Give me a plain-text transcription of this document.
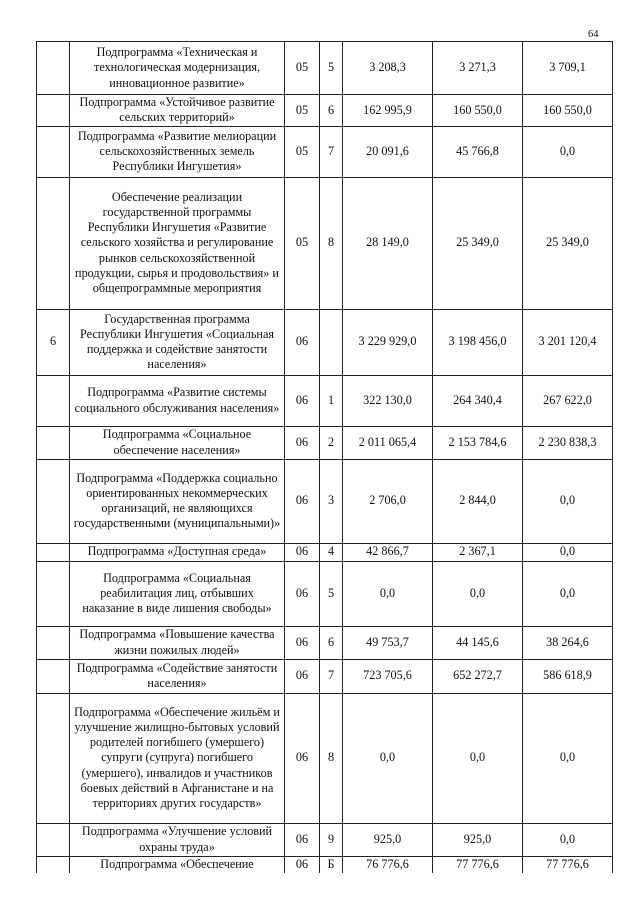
64
	Подпрограмма «Техническая и технологическая модернизация, инновационное развитие»	05	5	3 208,3	3 271,3	3 709,1
	Подпрограмма «Устойчивое развитие сельских территорий»	05	6	162 995,9	160 550,0	160 550,0
	Подпрограмма «Развитие мелиорации сельскохозяйственных земель Республики Ингушетия»	05	7	20 091,6	45 766,8	0,0
	Обеспечение реализации государственной программы Республики Ингушетия «Развитие сельского хозяйства и регулирование рынков сельскохозяйственной продукции, сырья и продовольствия» и общепрограммные мероприятия	05	8	28 149,0	25 349,0	25 349,0
6	Государственная программа Республики Ингушетия «Социальная поддержка и содействие занятости населения»	06		3 229 929,0	3 198 456,0	3 201 120,4
	Подпрограмма «Развитие системы социального обслуживания населения»	06	1	322 130,0	264 340,4	267 622,0
	Подпрограмма «Социальное обеспечение населения»	06	2	2 011 065,4	2 153 784,6	2 230 838,3
	Подпрограмма «Поддержка социально ориентированных некоммерческих организаций, не являющихся государственными (муниципальными)»	06	3	2 706,0	2 844,0	0,0
	Подпрограмма «Доступная среда»	06	4	42 866,7	2 367,1	0,0
	Подпрограмма «Социальная реабилитация лиц, отбывших наказание в виде лишения свободы»	06	5	0,0	0,0	0,0
	Подпрограмма «Повышение качества жизни пожилых людей»	06	6	49 753,7	44 145,6	38 264,6
	Подпрограмма «Содействие занятости населения»	06	7	723 705,6	652 272,7	586 618,9
	Подпрограмма «Обеспечение жильём и улучшение жилищно-бытовых условий родителей погибшего (умершего) супруги (супруга) погибшего (умершего), инвалидов и участников боевых действий в Афганистане и на территориях других государств»	06	8	0,0	0,0	0,0
	Подпрограмма «Улучшение условий охраны труда»	06	9	925,0	925,0	0,0
	Подпрограмма «Обеспечение	06	Б	76 776,6	77 776,6	77 776,6
